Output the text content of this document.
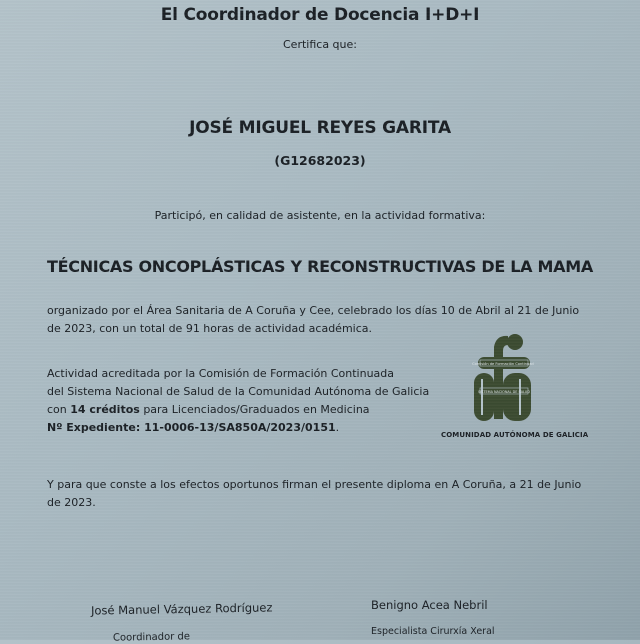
El Coordinador de Docencia I+D+I
Certifica que:
JOSÉ MIGUEL REYES GARITA
(G12682023)
Participó, en calidad de asistente, en la actividad formativa:
TÉCNICAS ONCOPLÁSTICAS Y RECONSTRUCTIVAS DE LA MAMA
organizado por el Área Sanitaria de A Coruña y Cee, celebrado los días 10 de Abril al 21 de Junio
de 2023, con un total de 91 horas de actividad académica.
Actividad acreditada por la Comisión de Formación Continuada
del Sistema Nacional de Salud de la Comunidad Autónoma de Galicia
con 14 créditos para Licenciados/Graduados en Medicina
Nº Expediente: 11-0006-13/SA850A/2023/0151.
Comisión de Formación Continuada
SISTEMA NACIONAL DE SALUD
COMUNIDAD AUTÓNOMA DE GALICIA
Y para que conste a los efectos oportunos firman el presente diploma en A Coruña, a 21 de Junio
de 2023.
José Manuel Vázquez Rodríguez
Coordinador de
Benigno Acea Nebril
Especialista Cirurxía Xeral
